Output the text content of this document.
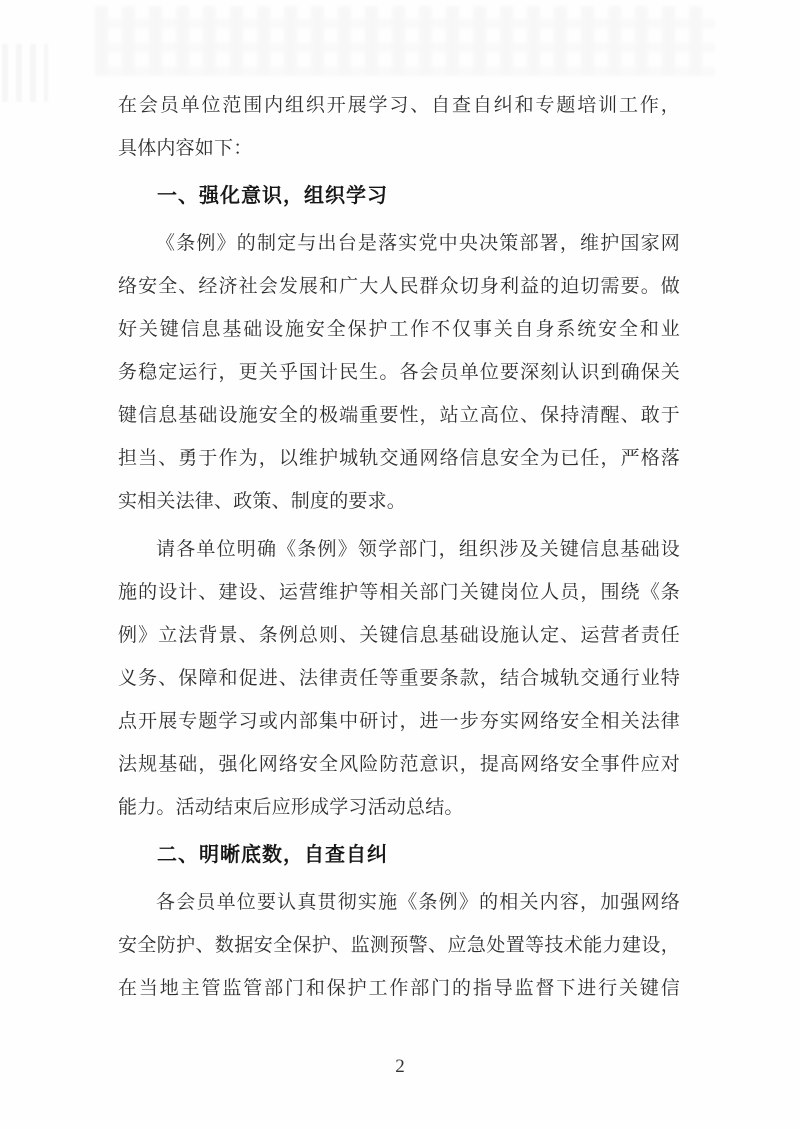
在会员单位范围内组织开展学习、自查自纠和专题培训工作，
具体内容如下：
一、强化意识，组织学习
《条例》的制定与出台是落实党中央决策部署，维护国家网
络安全、经济社会发展和广大人民群众切身利益的迫切需要。做
好关键信息基础设施安全保护工作不仅事关自身系统安全和业
务稳定运行，更关乎国计民生。各会员单位要深刻认识到确保关
键信息基础设施安全的极端重要性，站立高位、保持清醒、敢于
担当、勇于作为，以维护城轨交通网络信息安全为已任，严格落
实相关法律、政策、制度的要求。
请各单位明确《条例》领学部门，组织涉及关键信息基础设
施的设计、建设、运营维护等相关部门关键岗位人员，围绕《条
例》立法背景、条例总则、关键信息基础设施认定、运营者责任
义务、保障和促进、法律责任等重要条款，结合城轨交通行业特
点开展专题学习或内部集中研讨，进一步夯实网络安全相关法律
法规基础，强化网络安全风险防范意识，提高网络安全事件应对
能力。活动结束后应形成学习活动总结。
二、明晰底数，自查自纠
各会员单位要认真贯彻实施《条例》的相关内容，加强网络
安全防护、数据安全保护、监测预警、应急处置等技术能力建设，
在当地主管监管部门和保护工作部门的指导监督下进行关键信
2
